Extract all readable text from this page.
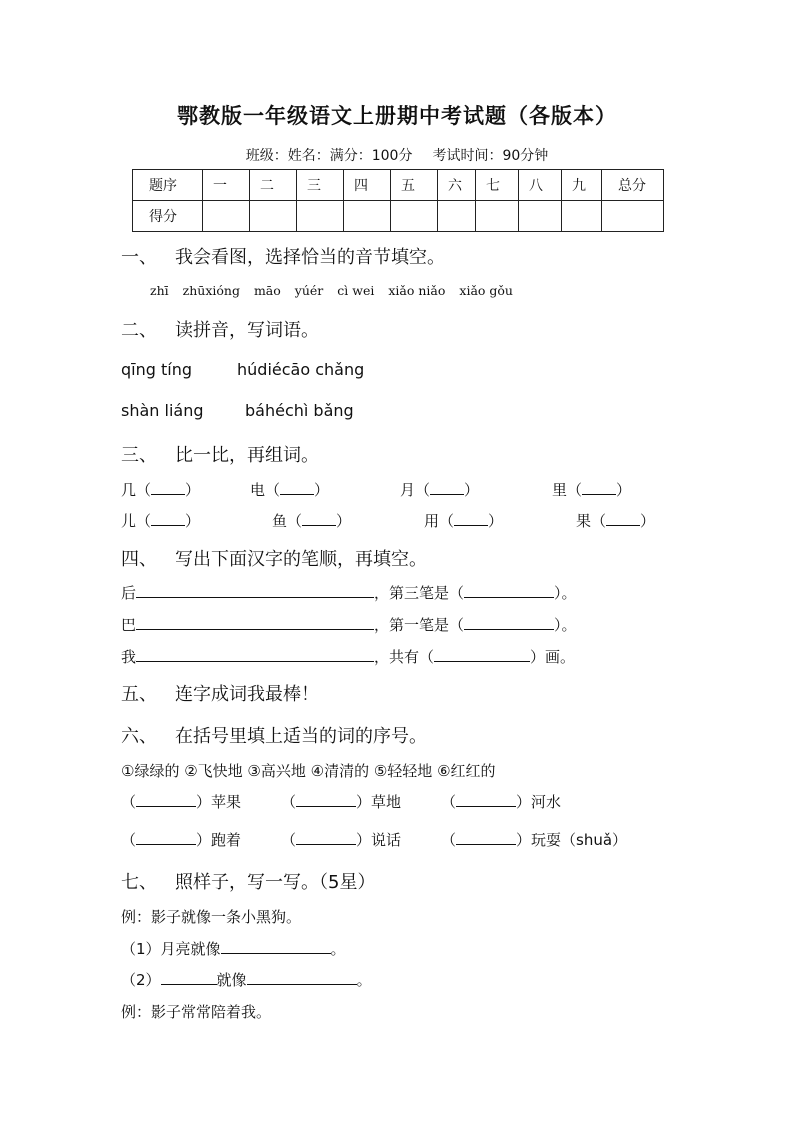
鄂教版一年级语文上册期中考试题（各版本）
班级：姓名：满分：100分 考试时间：90分钟
题序	一	二	三	四	五	六	七	八	九	总分
得分										
一、 我会看图，选择恰当的音节填空。
zhī zhūxióng māo yúér cì wei xiǎo niǎo xiǎo gǒu
二、 读拼音，写词语。
qīng tíng	húdiécāo chǎng
shàn liáng	báhéchì bǎng
三、 比一比，再组词。
几（ ）	电（ ）	月（ ）	里（ ）
儿（ ）	鱼（ ）	用（ ）	果（ ）
四、 写出下面汉字的笔顺，再填空。
后	，第三笔是（	）。
巴	，第一笔是（	）。
我	，共有（	）画。
五、 连字成词我最棒！
六、 在括号里填上适当的词的序号。
①绿绿的 ②飞快地 ③高兴地 ④清清的 ⑤轻轻地 ⑥红红的
（	）苹果	（	）草地	（	）河水
（	）跑着	（	）说话	（	）玩耍（shuǎ）
七、 照样子，写一写。（5星）
例：影子就像一条小黑狗。
（1）月亮就像	。
（2）	就像	。
例：影子常常陪着我。
